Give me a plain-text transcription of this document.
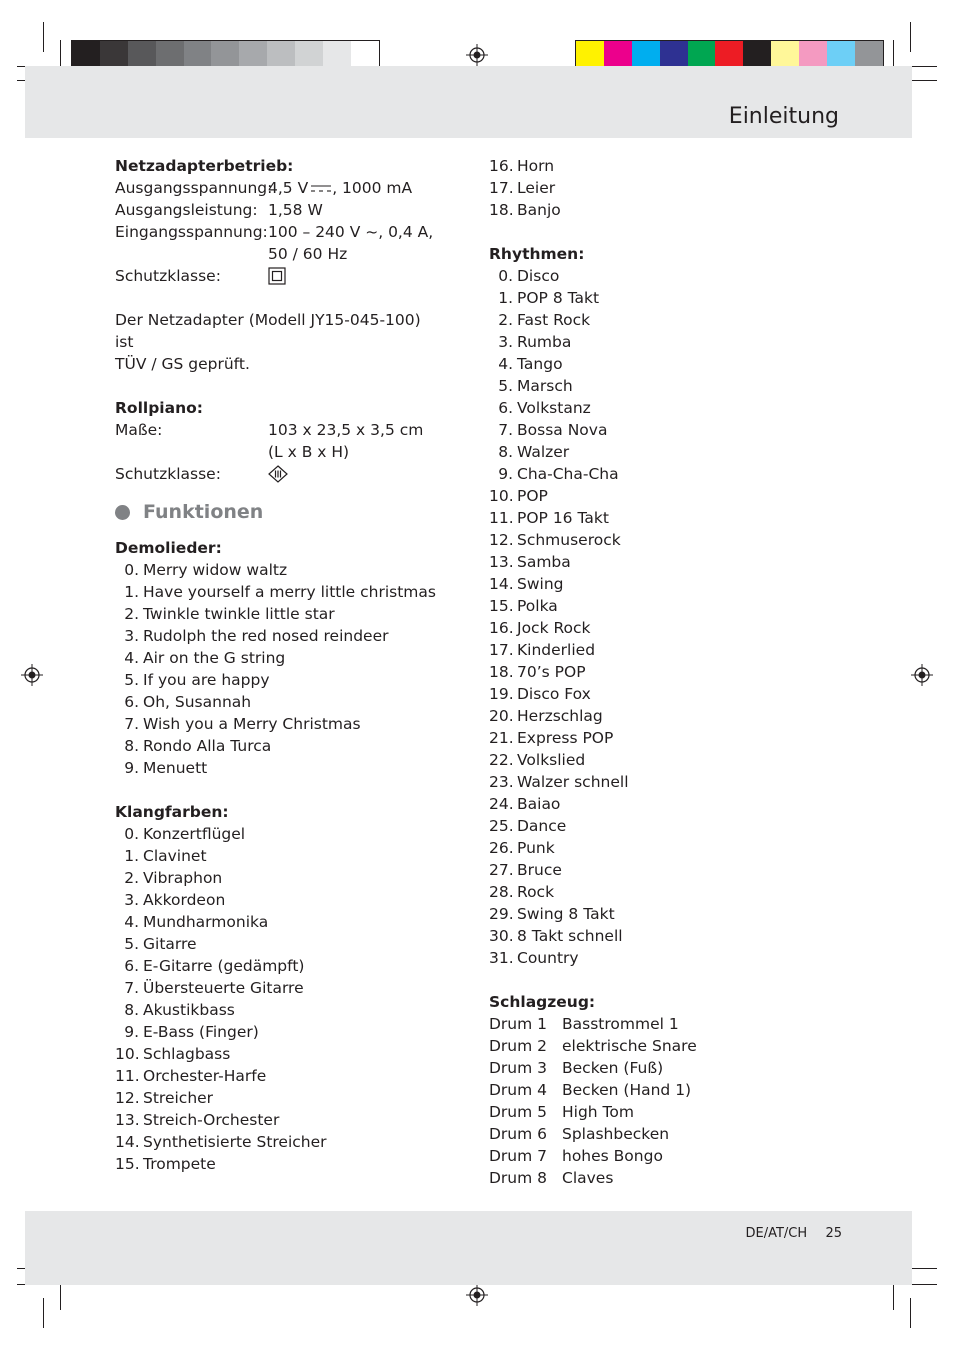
Einleitung
Netzadapterbetrieb:
Ausgangsspannung:
4,5 V , 1000 mA
Ausgangsleistung: 1,58 W
Eingangsspannung: 100 – 240 V ~, 0,4 A,
50 / 60 Hz
Schutzklasse:
Der Netzadapter (Modell JY15-045-100) ist
TÜV / GS geprüft.
Rollpiano:
Maße:	103 x 23,5 x 3,5 cm
(L x B x H)
Schutzklasse:
Funktionen
Demolieder:
0. Merry widow waltz
1. Have yourself a merry little christmas
2. Twinkle twinkle little star
3. Rudolph the red nosed reindeer
4. Air on the G string
5. If you are happy
6. Oh, Susannah
7. Wish you a Merry Christmas
8. Rondo Alla Turca
9. Menuett
Klangfarben:
0. Konzertflügel
1. Clavinet
2. Vibraphon
3. Akkordeon
4. Mundharmonika
5. Gitarre
6. E-Gitarre (gedämpft)
7. Übersteuerte Gitarre
8. Akustikbass
9. E-Bass (Finger)
10. Schlagbass
11. Orchester-Harfe
12. Streicher
13. Streich-Orchester
14. Synthetisierte Streicher
15. Trompete
16. Horn
17. Leier
18. Banjo
Rhythmen:
0. Disco
1. POP 8 Takt
2. Fast Rock
3. Rumba
4. Tango
5. Marsch
6. Volkstanz
7. Bossa Nova
8. Walzer
9. Cha-Cha-Cha
10. POP
11. POP 16 Takt
12. Schmuserock
13. Samba
14. Swing
15. Polka
16. Jock Rock
17. Kinderlied
18. 70’s POP
19. Disco Fox
20. Herzschlag
21. Express POP
22. Volkslied
23. Walzer schnell
24. Baiao
25. Dance
26. Punk
27. Bruce
28. Rock
29. Swing 8 Takt
30. 8 Takt schnell
31. Country
Schlagzeug:
Drum 1 Basstrommel 1
Drum 2 elektrische Snare
Drum 3 Becken (Fuß)
Drum 4 Becken (Hand 1)
Drum 5 High Tom
Drum 6 Splashbecken
Drum 7 hohes Bongo
Drum 8 Claves
DE/AT/CH 25
